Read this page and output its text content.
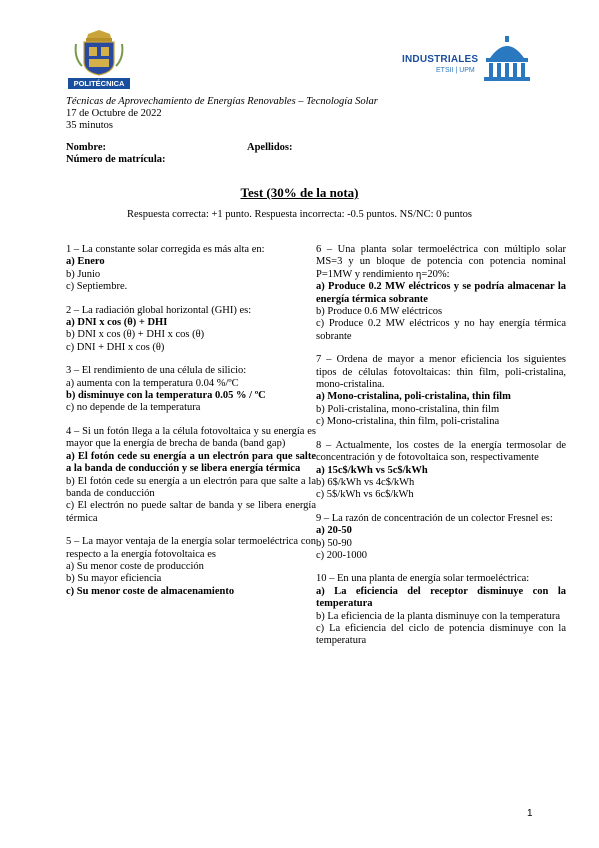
POLITÉCNICA
INDUSTRIALES
ETSII | UPM
Técnicas de Aprovechamiento de Energías Renovables – Tecnología Solar
17 de Octubre de 2022
35 minutos
Nombre:	Apellidos:
Número de matrícula:
Test (30% de la nota)
Respuesta correcta: +1 punto. Respuesta incorrecta: -0.5 puntos. NS/NC: 0 puntos

1 – La constante solar corregida es más alta en:

a) Enero

b) Junio

c) Septiembre.

2 – La radiación global horizontal (GHI) es:

a) DNI x cos (θ) + DHI

b) DNI x cos (θ) + DHI x cos (θ)

c) DNI + DHI x cos (θ)

3 – El rendimiento de una célula de silicio:

a) aumenta con la temperatura 0.04 %/ºC

b) disminuye con la temperatura 0.05 % / ºC

c) no depende de la temperatura

4 – Si un fotón llega a la célula fotovoltaica y su energía es mayor que la energía de brecha de banda (band gap)

a) El fotón cede su energía a un electrón para que salte a la banda de conducción y se libera energía térmica

b) El fotón cede su energía a un electrón para que salte a la banda de conducción

c) El electrón no puede saltar de banda y se libera energía térmica

5 – La mayor ventaja de la energía solar termoeléctrica con respecto a la energía fotovoltaica es

a) Su menor coste de producción

b) Su mayor eficiencia

c) Su menor coste de almacenamiento

6 – Una planta solar termoeléctrica con múltiplo solar MS=3 y un bloque de potencia con potencia nominal P=1MW y rendimiento η=20%:

a) Produce 0.2 MW eléctricos y se podría almacenar la energía térmica sobrante

b) Produce 0.6 MW eléctricos

c) Produce 0.2 MW eléctricos y no hay energía térmica sobrante

7 – Ordena de mayor a menor eficiencia los siguientes tipos de células fotovoltaicas: thin film, poli-cristalina, mono-cristalina.

a) Mono-cristalina, poli-cristalina, thin film

b) Poli-cristalina, mono-cristalina, thin film

c) Mono-cristalina, thin film, poli-cristalina

8 – Actualmente, los costes de la energía termosolar de concentración y de fotovoltaica son, respectivamente

a) 15c$/kWh vs 5c$/kWh

b) 6$/kWh vs 4c$/kWh

c) 5$/kWh vs 6c$/kWh

9 – La razón de concentración de un colector Fresnel es:

a) 20-50

b) 50-90

c) 200-1000

10 – En una planta de energía solar termoeléctrica:

a) La eficiencia del receptor disminuye con la temperatura

b) La eficiencia de la planta disminuye con la temperatura

c) La eficiencia del ciclo de potencia disminuye con la temperatura

1
